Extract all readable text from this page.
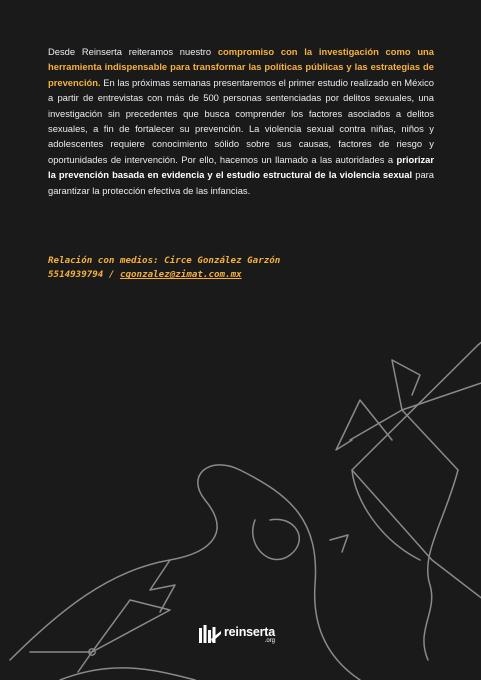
Desde Reinserta reiteramos nuestro compromiso con la investigación como una herramienta indispensable para transformar las políticas públicas y las estrategias de prevención. En las próximas semanas presentaremos el primer estudio realizado en México a partir de entrevistas con más de 500 personas sentenciadas por delitos sexuales, una investigación sin precedentes que busca comprender los factores asociados a delitos sexuales, a fin de fortalecer su prevención. La violencia sexual contra niñas, niños y adolescentes requiere conocimiento sólido sobre sus causas, factores de riesgo y oportunidades de intervención. Por ello, hacemos un llamado a las autoridades a priorizar la prevención basada en evidencia y el estudio estructural de la violencia sexual para garantizar la protección efectiva de las infancias.

Relación con medios: Circe González Garzón
5514939794 / cgonzalez@zimat.com.mx
reinserta
.org
